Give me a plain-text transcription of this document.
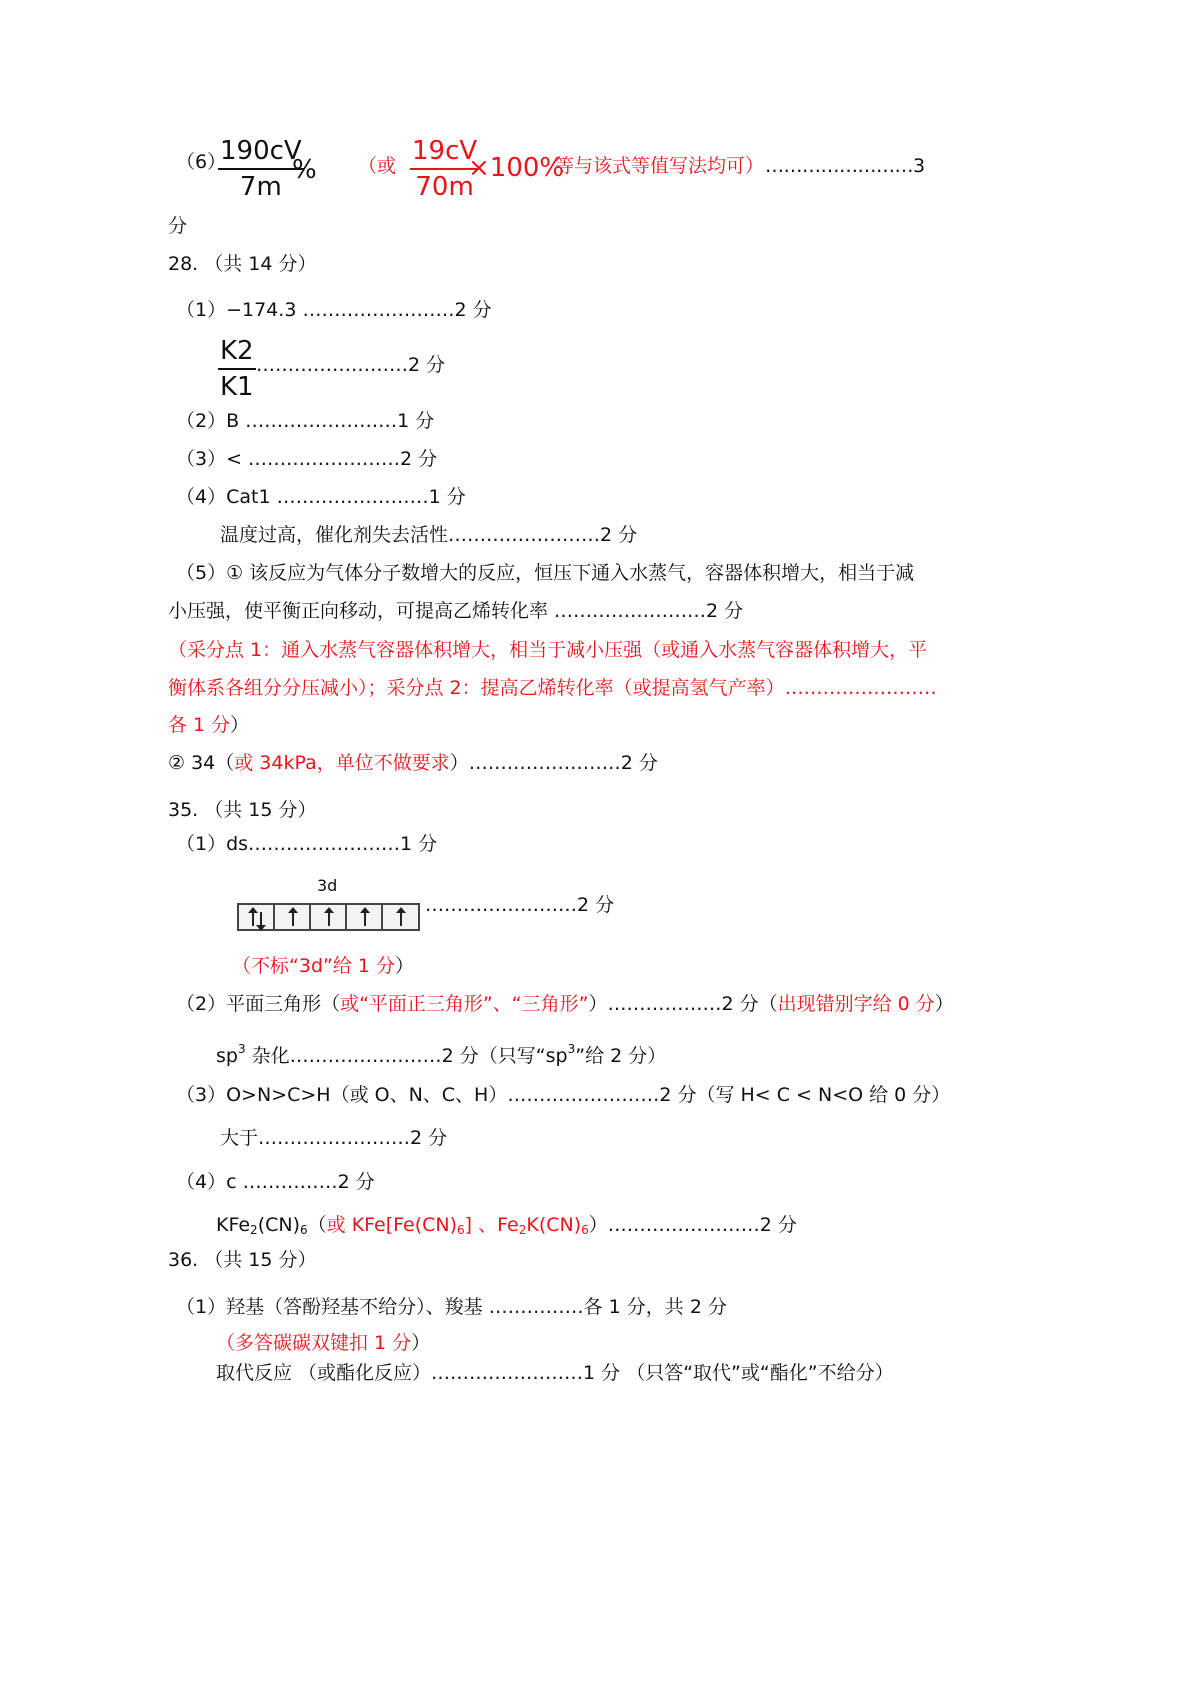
（6）
$\frac{190cV}{7m}$
% （或 $\frac{19cV}{70m}$
×100%
等与该式等值写法均可） ……………………3
分
28. （共 14 分）
（1）−174.3 ……………………2 分
$\frac{K2}{K1}$ ……………………2 分
（2）B ……………………1 分
（3）< ……………………2 分
（4）Cat1 ……………………1 分
温度过高，催化剂失去活性……………………2 分
（5）① 该反应为气体分子数增大的反应，恒压下通入水蒸气，容器体积增大，相当于减
小压强，使平衡正向移动，可提高乙烯转化率 ……………………2 分
（采分点 1：通入水蒸气容器体积增大，相当于减小压强（或通入水蒸气容器体积增大，平
衡体系各组分分压减小）；采分点 2：提高乙烯转化率（或提高氢气产率）……………………
各 1 分）
② 34（或 34kPa，单位不做要求）……………………2 分
35. （共 15 分）
（1）ds……………………1 分
3d
……………………2 分
（不标“3d”给 1 分）
（2）平面三角形（或“平面正三角形”、“三角形”）………………2 分（出现错别字给 0 分）
$sp^3$ 杂化……………………2 分（只写“$sp^3$”给 2 分）
（3）O>N>C>H（或 O、N、C、H）……………………2 分（写 H< C < N<O 给 0 分）
大于……………………2 分
（4）c ……………2 分
$KFe_2(CN)_6$（或 $KFe[Fe(CN)_6]$ 、$Fe_2K(CN)_6)\dots\dots\dots\dots\dots\dots\dots\dots 2$ 分
36. （共 15 分）
（1）羟基（答酚羟基不给分）、羧基 ……………各 1 分，共 2 分
（多答碳碳双键扣 1 分）
取代反应 （或酯化反应）……………………1 分 （只答“取代”或“酯化”不给分）
